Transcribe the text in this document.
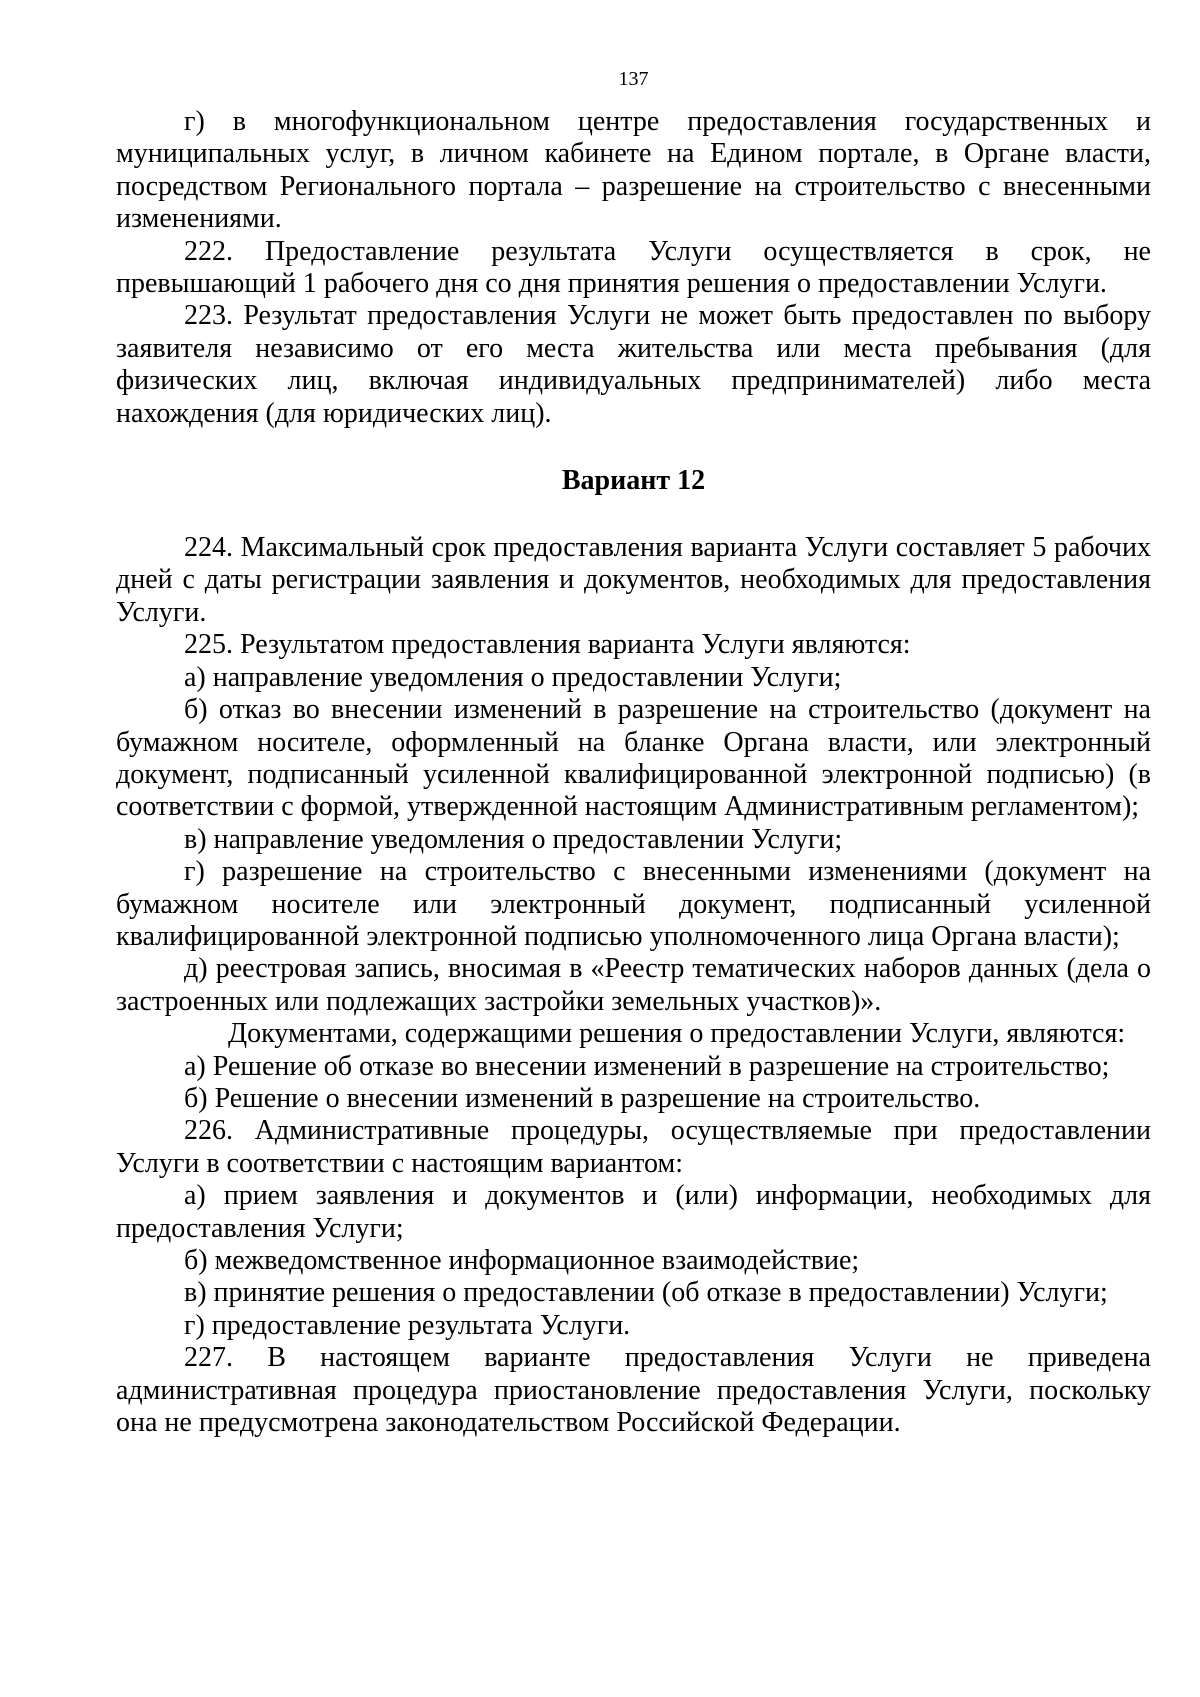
137

г) в многофункциональном центре предоставления государственных и муниципальных услуг, в личном кабинете на Едином портале, в Органе власти, посредством Регионального портала – разрешение на строительство с внесенными изменениями.

222. Предоставление результата Услуги осуществляется в срок, не превышающий 1 рабочего дня со дня принятия решения о предоставлении Услуги.

223. Результат предоставления Услуги не может быть предоставлен по выбору заявителя независимо от его места жительства или места пребывания (для физических лиц, включая индивидуальных предпринимателей) либо места нахождения (для юридических лиц).

Вариант 12

224. Максимальный срок предоставления варианта Услуги составляет 5 рабочих дней с даты регистрации заявления и документов, необходимых для предоставления Услуги.

225. Результатом предоставления варианта Услуги являются:

а) направление уведомления о предоставлении Услуги;

б) отказ во внесении изменений в разрешение на строительство (документ на бумажном носителе, оформленный на бланке Органа власти, или электронный документ, подписанный усиленной квалифицированной электронной подписью) (в соответствии с формой, утвержденной настоящим Административным регламентом);

в) направление уведомления о предоставлении Услуги;

г) разрешение на строительство с внесенными изменениями (документ на бумажном носителе или электронный документ, подписанный усиленной квалифицированной электронной подписью уполномоченного лица Органа власти);

д) реестровая запись, вносимая в «Реестр тематических наборов данных (дела о застроенных или подлежащих застройки земельных участков)».

Документами, содержащими решения о предоставлении Услуги, являются:

а) Решение об отказе во внесении изменений в разрешение на строительство;

б) Решение о внесении изменений в разрешение на строительство.

226. Административные процедуры, осуществляемые при предоставлении Услуги в соответствии с настоящим вариантом:

а) прием заявления и документов и (или) информации, необходимых для предоставления Услуги;

б) межведомственное информационное взаимодействие;

в) принятие решения о предоставлении (об отказе в предоставлении) Услуги;

г) предоставление результата Услуги.

227. В настоящем варианте предоставления Услуги не приведена административная процедура приостановление предоставления Услуги, поскольку она не предусмотрена законодательством Российской Федерации.
